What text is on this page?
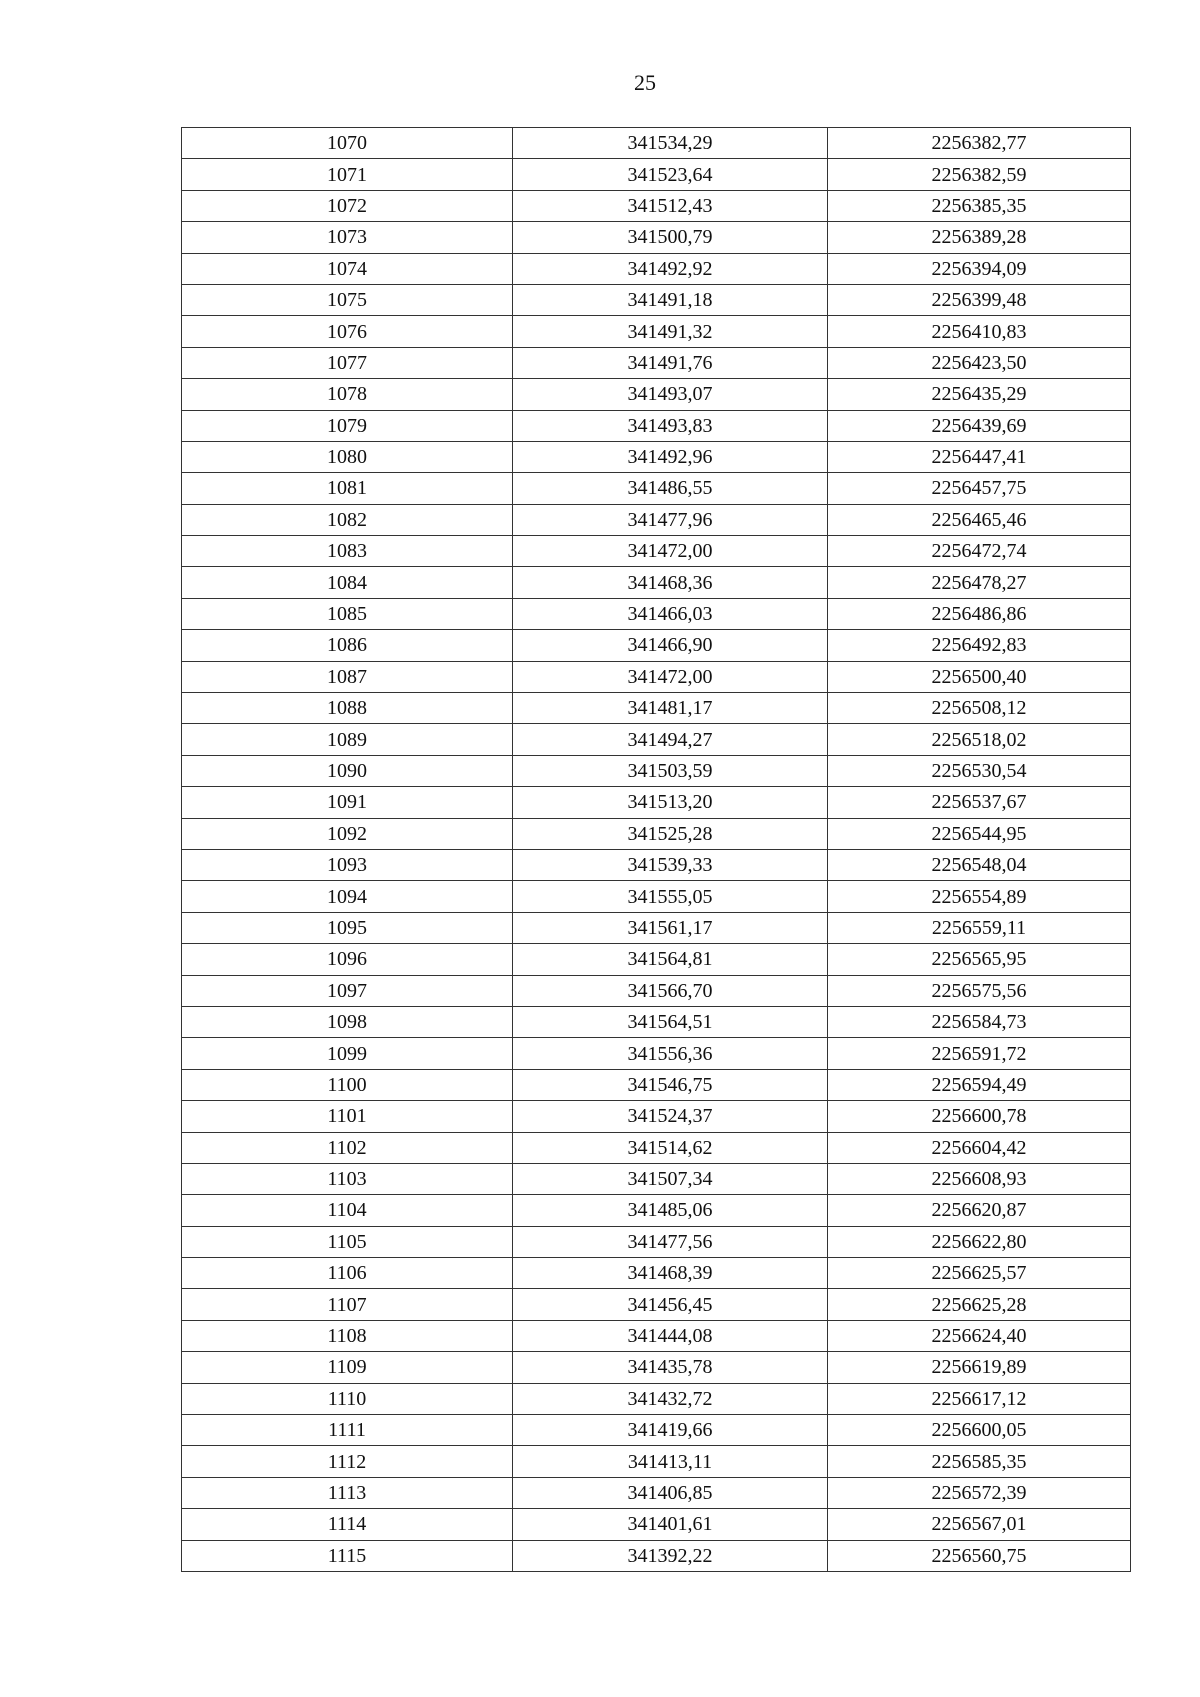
25
1070	341534,29	2256382,77
1071	341523,64	2256382,59
1072	341512,43	2256385,35
1073	341500,79	2256389,28
1074	341492,92	2256394,09
1075	341491,18	2256399,48
1076	341491,32	2256410,83
1077	341491,76	2256423,50
1078	341493,07	2256435,29
1079	341493,83	2256439,69
1080	341492,96	2256447,41
1081	341486,55	2256457,75
1082	341477,96	2256465,46
1083	341472,00	2256472,74
1084	341468,36	2256478,27
1085	341466,03	2256486,86
1086	341466,90	2256492,83
1087	341472,00	2256500,40
1088	341481,17	2256508,12
1089	341494,27	2256518,02
1090	341503,59	2256530,54
1091	341513,20	2256537,67
1092	341525,28	2256544,95
1093	341539,33	2256548,04
1094	341555,05	2256554,89
1095	341561,17	2256559,11
1096	341564,81	2256565,95
1097	341566,70	2256575,56
1098	341564,51	2256584,73
1099	341556,36	2256591,72
1100	341546,75	2256594,49
1101	341524,37	2256600,78
1102	341514,62	2256604,42
1103	341507,34	2256608,93
1104	341485,06	2256620,87
1105	341477,56	2256622,80
1106	341468,39	2256625,57
1107	341456,45	2256625,28
1108	341444,08	2256624,40
1109	341435,78	2256619,89
1110	341432,72	2256617,12
1111	341419,66	2256600,05
1112	341413,11	2256585,35
1113	341406,85	2256572,39
1114	341401,61	2256567,01
1115	341392,22	2256560,75
